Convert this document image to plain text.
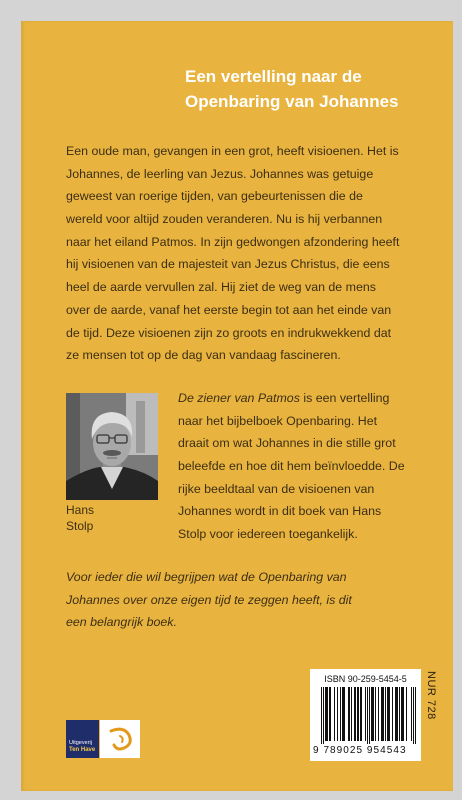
Een vertelling naar de
Openbaring van Johannes
Een oude man, gevangen in een grot, heeft visioenen. Het is
Johannes, de leerling van Jezus. Johannes was getuige
geweest van roerige tijden, van gebeurtenissen die de
wereld voor altijd zouden veranderen. Nu is hij verbannen
naar het eiland Patmos. In zijn gedwongen afzondering heeft
hij visioenen van de majesteit van Jezus Christus, die eens
heel de aarde vervullen zal. Hij ziet de weg van de mens
over de aarde, vanaf het eerste begin tot aan het einde van
de tijd. Deze visioenen zijn zo groots en indrukwekkend dat
ze mensen tot op de dag van vandaag fascineren.
Hans
Stolp
De ziener van Patmos is een vertelling
naar het bijbelboek Openbaring. Het
draait om wat Johannes in die stille grot
beleefde en hoe dit hem beïnvloedde. De
rijke beeldtaal van de visioenen van
Johannes wordt in dit boek van Hans
Stolp voor iedereen toegankelijk.
Voor ieder die wil begrijpen wat de Openbaring van
Johannes over onze eigen tijd te zeggen heeft, is dit
een belangrijk boek.
Uitgeverij
Ten Have
ISBN 90-259-5454-5
9 789025 954543
NUR 728
